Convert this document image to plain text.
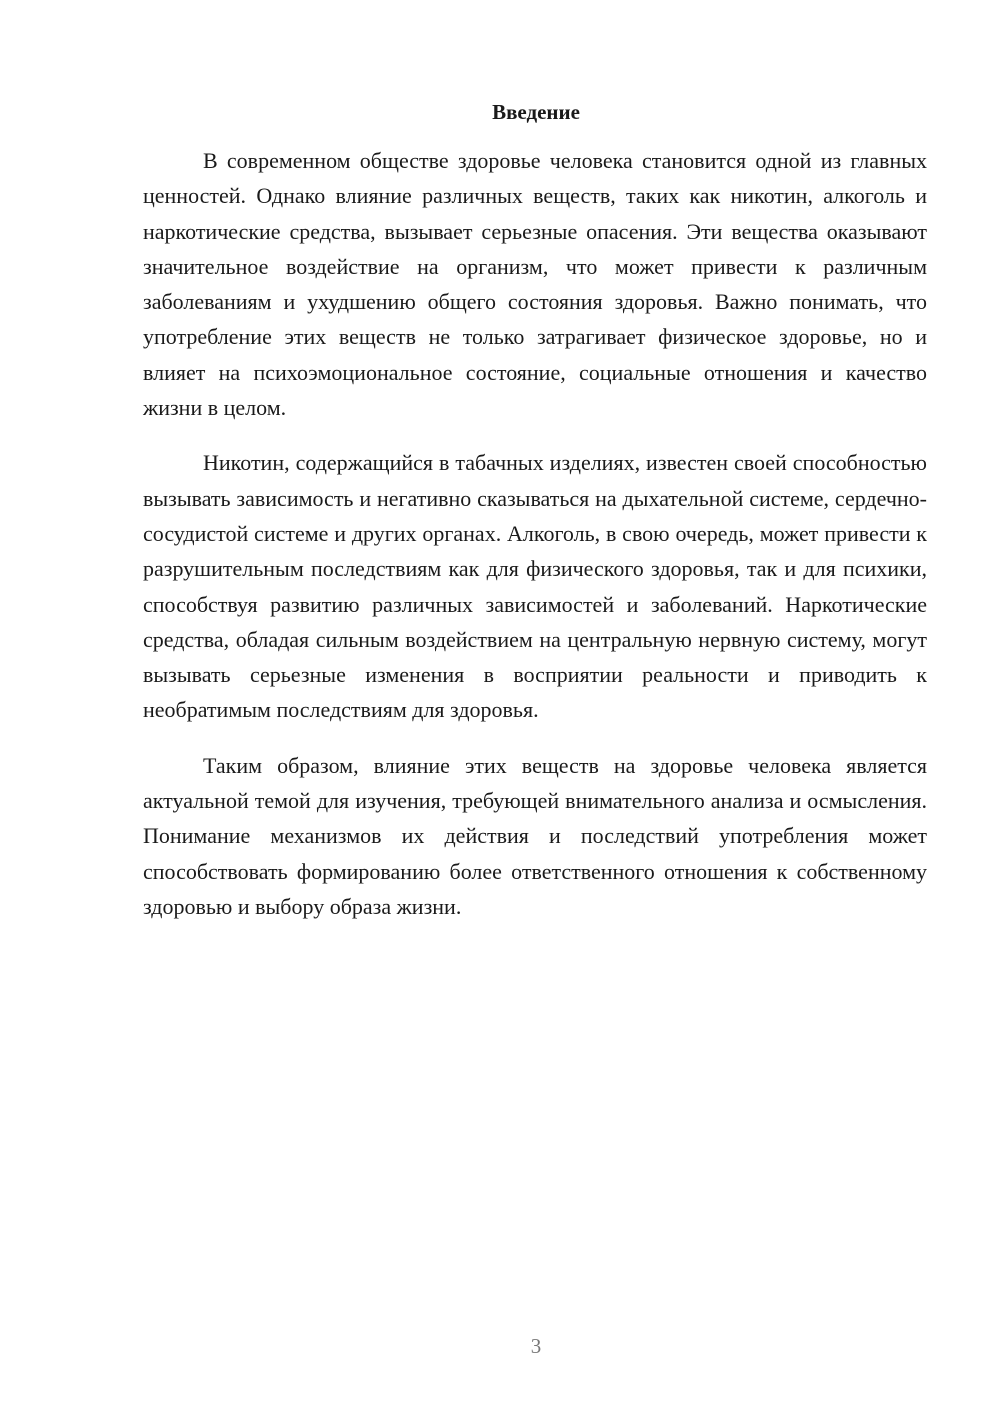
Введение

В современном обществе здоровье человека становится одной из главных ценностей. Однако влияние различных веществ, таких как никотин, алкоголь и наркотические средства, вызывает серьезные опасения. Эти вещества оказывают значительное воздействие на организм, что может привести к различным заболеваниям и ухудшению общего состояния здоровья. Важно понимать, что употребление этих веществ не только затрагивает физическое здоровье, но и влияет на психоэмоциональное состояние, социальные отношения и качество жизни в целом.

Никотин, содержащийся в табачных изделиях, известен своей способностью вызывать зависимость и негативно сказываться на дыхательной системе, сердечно-сосудистой системе и других органах. Алкоголь, в свою очередь, может привести к разрушительным последствиям как для физического здоровья, так и для психики, способствуя развитию различных зависимостей и заболеваний. Наркотические средства, обладая сильным воздействием на центральную нервную систему, могут вызывать серьезные изменения в восприятии реальности и приводить к необратимым последствиям для здоровья.

Таким образом, влияние этих веществ на здоровье человека является актуальной темой для изучения, требующей внимательного анализа и осмысления. Понимание механизмов их действия и последствий употребления может способствовать формированию более ответственного отношения к собственному здоровью и выбору образа жизни.

3
